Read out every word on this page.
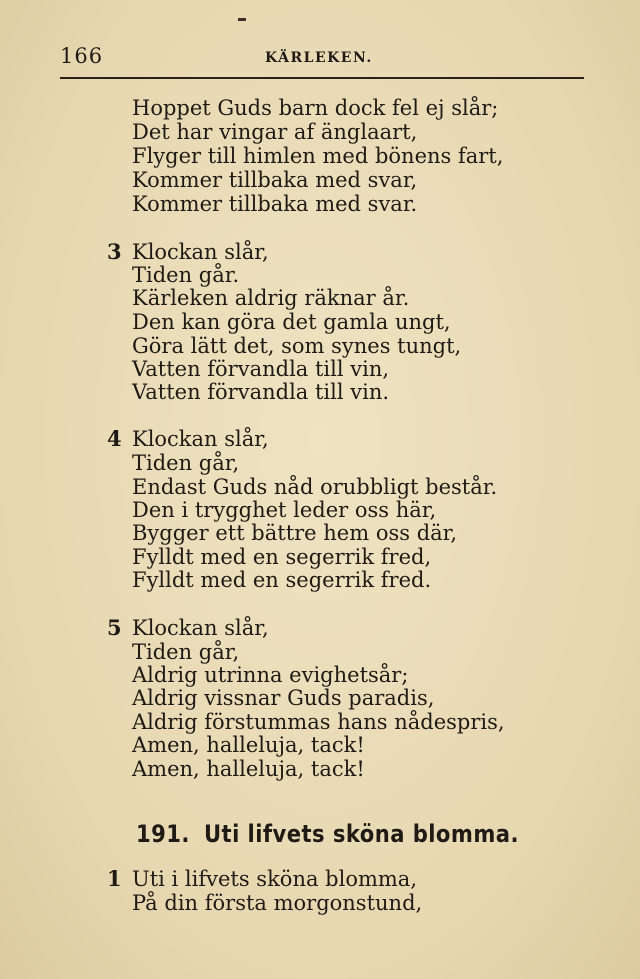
166	KÄRLEKEN.
Hoppet Guds barn dock fel ej slår;
Det har vingar af änglaart,
Flyger till himlen med bönens fart,
Kommer tillbaka med svar,
Kommer tillbaka med svar.
3 Klockan slår,
Tiden går.
Kärleken aldrig räknar år.
Den kan göra det gamla ungt,
Göra lätt det, som synes tungt,
Vatten förvandla till vin,
Vatten förvandla till vin.
4 Klockan slår,
Tiden går,
Endast Guds nåd orubbligt består.
Den i trygghet leder oss här,
Bygger ett bättre hem oss där,
Fylldt med en segerrik fred,
Fylldt med en segerrik fred.
5 Klockan slår,
Tiden går,
Aldrig utrinna evighetsår;
Aldrig vissnar Guds paradis,
Aldrig förstummas hans nådespris,
Amen, halleluja, tack!
Amen, halleluja, tack!
191. Uti lifvets sköna blomma.
1 Uti i lifvets sköna blomma,
På din första morgonstund,
